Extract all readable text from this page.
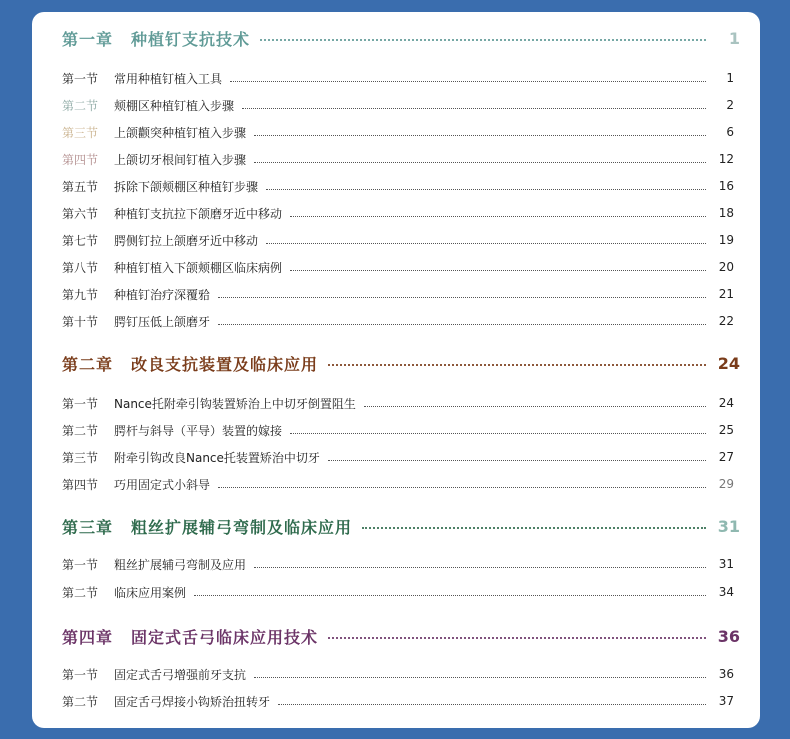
第一章 种植钉支抗技术	1
第一节	常用种植钉植入工具	1
第二节	颊棚区种植钉植入步骤	2
第三节	上颌颧突种植钉植入步骤	6
第四节	上颌切牙根间钉植入步骤	12
第五节	拆除下颌颊棚区种植钉步骤	16
第六节	种植钉支抗拉下颌磨牙近中移动	18
第七节	腭侧钉拉上颌磨牙近中移动	19
第八节	种植钉植入下颌颊棚区临床病例	20
第九节	种植钉治疗深覆𬌗	21
第十节	腭钉压低上颌磨牙	22
第二章 改良支抗装置及临床应用	24
第一节	Nance托附牵引钩装置矫治上中切牙倒置阻生	24
第二节	腭杆与斜导（平导）装置的嫁接	25
第三节	附牵引钩改良Nance托装置矫治中切牙	27
第四节	巧用固定式小斜导	29
第三章 粗丝扩展辅弓弯制及临床应用	31
第一节	粗丝扩展辅弓弯制及应用	31
第二节	临床应用案例	34
第四章 固定式舌弓临床应用技术	36
第一节	固定式舌弓增强前牙支抗	36
第二节	固定舌弓焊接小钩矫治扭转牙	37
